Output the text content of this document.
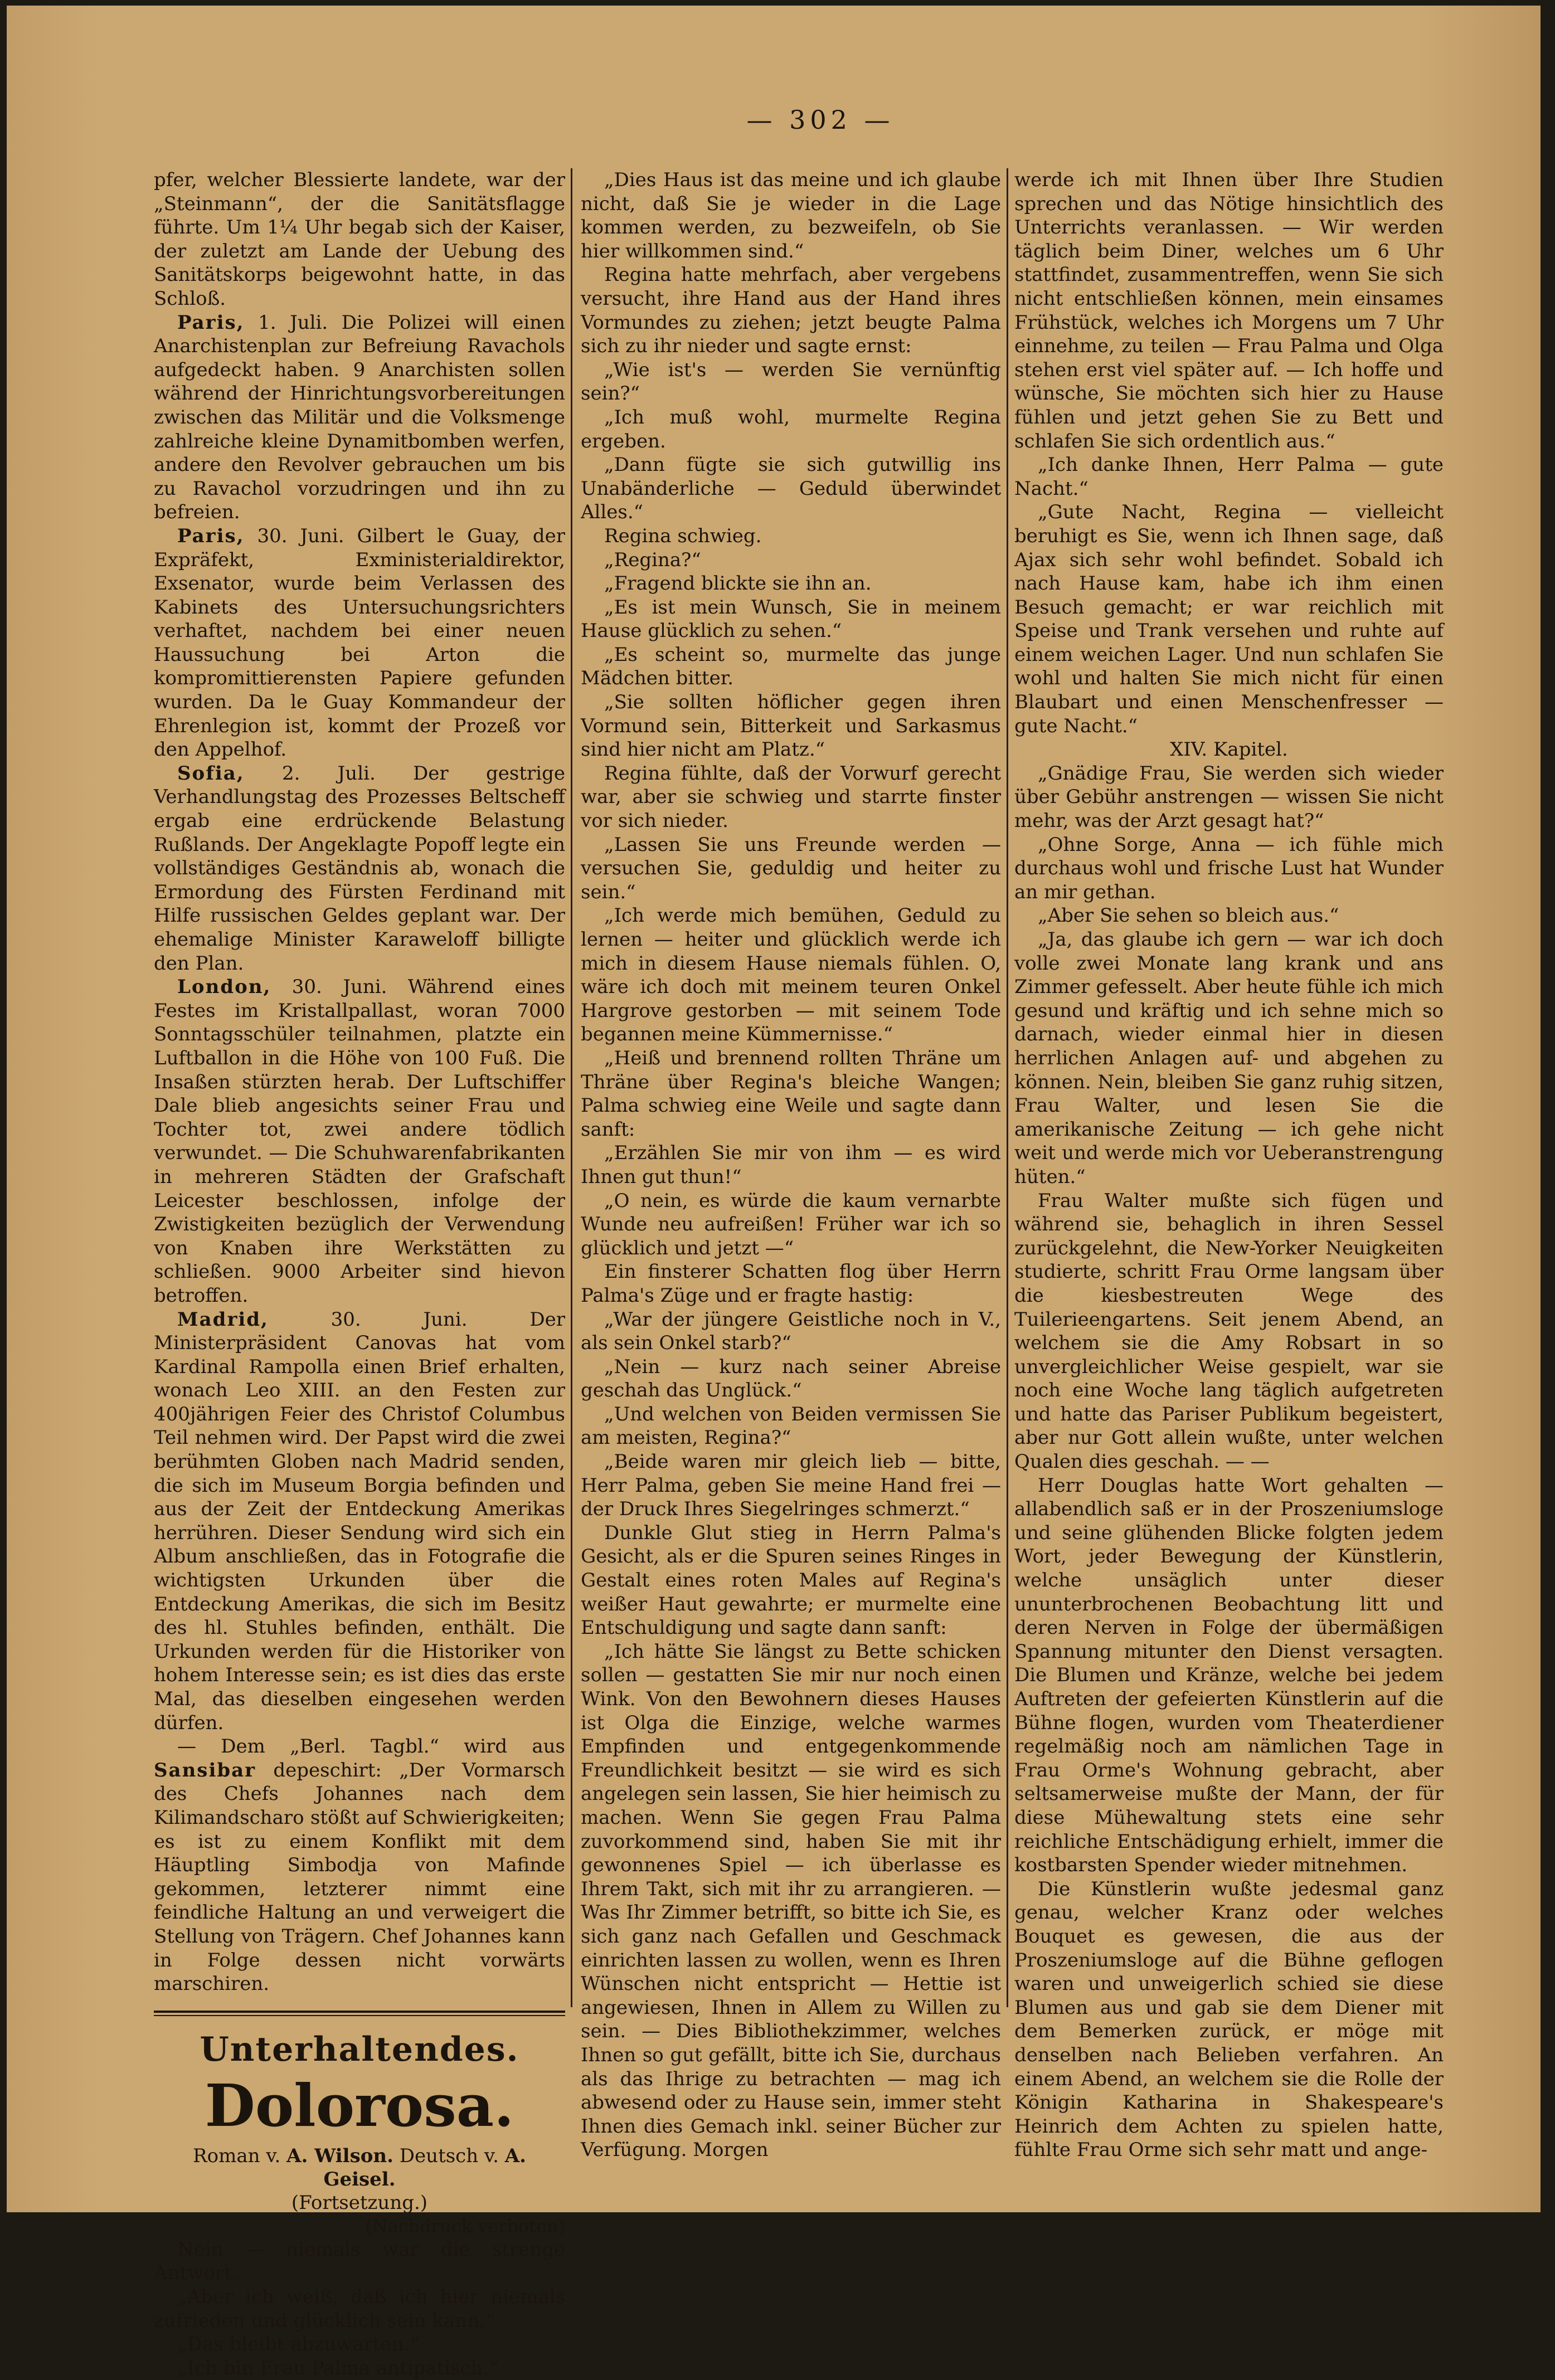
— 302 —

pfer, welcher Blessierte landete, war der „Steinmann“, der die Sanitätsflagge führte. Um 1¼ Uhr begab sich der Kaiser, der zuletzt am Lande der Uebung des Sanitätskorps beigewohnt hatte, in das Schloß.

Paris, 1. Juli. Die Polizei will einen Anarchistenplan zur Befreiung Ravachols aufgedeckt haben. 9 Anarchisten sollen während der Hinrichtungsvorbereitungen zwischen das Militär und die Volksmenge zahlreiche kleine Dynamitbomben werfen, andere den Revolver gebrauchen um bis zu Ravachol vorzudringen und ihn zu befreien.

Paris, 30. Juni. Gilbert le Guay, der Expräfekt, Exministerialdirektor, Exsenator, wurde beim Verlassen des Kabinets des Untersuchungsrichters verhaftet, nachdem bei einer neuen Haussuchung bei Arton die kompromittierensten Papiere gefunden wurden. Da le Guay Kommandeur der Ehrenlegion ist, kommt der Prozeß vor den Appelhof.

Sofia, 2. Juli. Der gestrige Verhandlungstag des Prozesses Beltscheff ergab eine erdrückende Belastung Rußlands. Der Angeklagte Popoff legte ein vollständiges Geständnis ab, wonach die Ermordung des Fürsten Ferdinand mit Hilfe russischen Geldes geplant war. Der ehemalige Minister Karaweloff billigte den Plan.

London, 30. Juni. Während eines Festes im Kristallpallast, woran 7000 Sonntagsschüler teilnahmen, platzte ein Luftballon in die Höhe von 100 Fuß. Die Insaßen stürzten herab. Der Luftschiffer Dale blieb angesichts seiner Frau und Tochter tot, zwei andere tödlich verwundet. — Die Schuhwarenfabrikanten in mehreren Städten der Grafschaft Leicester beschlossen, infolge der Zwistigkeiten bezüglich der Verwendung von Knaben ihre Werkstätten zu schließen. 9000 Arbeiter sind hievon betroffen.

Madrid,	30. Juni. Der Ministerpräsident Canovas hat vom Kardinal Rampolla einen Brief erhalten, wonach Leo XIII. an den Festen zur 400jährigen Feier des Christof Columbus Teil nehmen wird. Der Papst wird die zwei berühmten Globen nach Madrid senden, die sich im Museum Borgia befinden und aus der Zeit der Entdeckung Amerikas herrühren. Dieser Sendung wird sich ein Album anschließen, das in Fotografie die wichtigsten Urkunden über die Entdeckung Amerikas, die sich im Besitz des hl. Stuhles befinden, enthält. Die Urkunden werden für die Historiker von hohem Interesse sein; es ist dies das erste Mal, das dieselben eingesehen werden dürfen.

— Dem „Berl. Tagbl.“ wird aus Sansibar depeschirt: „Der Vormarsch des Chefs Johannes nach dem Kilimandscharo stößt auf Schwierigkeiten; es ist zu einem Konflikt mit dem Häuptling Simbodja von Mafinde gekommen, letzterer nimmt eine feindliche Haltung an und verweigert die Stellung von Trägern. Chef Johannes kann in Folge dessen nicht vorwärts marschiren.

Unterhaltendes.
Dolorosa.
Roman v. A. Wilson. Deutsch v. A. Geisel.
(Fortsetzung.)
(Nachdruck verboten)

Nein — niemals war die strenge Antwort.

„Aber ich weiß, daß ich hier niemals zufrieden und glücklich sein kann.“

„Das bleibt abzuwarten.“

„Ich bin Frau Palma antipatisch.“

„Dies Haus ist das meine und ich glaube nicht, daß Sie je wieder in die Lage kommen werden, zu bezweifeln, ob Sie hier willkommen sind.“

Regina hatte mehrfach, aber vergebens versucht, ihre Hand aus der Hand ihres Vormundes zu ziehen; jetzt beugte Palma sich zu ihr nieder und sagte ernst:

„Wie ist's — werden Sie vernünftig sein?“

„Ich muß wohl, murmelte Regina ergeben.

„Dann fügte sie sich gutwillig ins Unabänderliche — Geduld überwindet Alles.“

Regina schwieg.

„Regina?“

„Fragend blickte sie ihn an.

„Es ist mein Wunsch, Sie in meinem Hause glücklich zu sehen.“

„Es scheint so, murmelte das junge Mädchen bitter.

„Sie sollten höflicher gegen ihren Vormund sein, Bitterkeit und Sarkasmus sind hier nicht am Platz.“

Regina fühlte, daß der Vorwurf gerecht war, aber sie schwieg und starrte finster vor sich nieder.

„Lassen Sie uns Freunde werden — versuchen Sie, geduldig und heiter zu sein.“

„Ich werde mich bemühen, Geduld zu lernen — heiter und glücklich werde ich mich in diesem Hause niemals fühlen. O, wäre ich doch mit meinem teuren Onkel Hargrove gestorben — mit seinem Tode begannen meine Kümmernisse.“

„Heiß und brennend rollten Thräne um Thräne über Regina's bleiche Wangen; Palma schwieg eine Weile und sagte dann sanft:

„Erzählen Sie mir von ihm — es wird Ihnen gut thun!“

„O nein, es würde die kaum vernarbte Wunde neu aufreißen! Früher war ich so glücklich und jetzt —“

Ein finsterer Schatten flog über Herrn Palma's Züge und er fragte hastig:

„War der jüngere Geistliche noch in V., als sein Onkel starb?“

„Nein — kurz nach seiner Abreise geschah das Unglück.“

„Und welchen von Beiden vermissen Sie am meisten, Regina?“

„Beide waren mir gleich lieb — bitte, Herr Palma, geben Sie meine Hand frei — der Druck Ihres Siegelringes schmerzt.“

Dunkle Glut stieg in Herrn Palma's Gesicht, als er die Spuren seines Ringes in Gestalt eines roten Males auf Regina's weißer Haut gewahrte; er murmelte eine Entschuldigung und sagte dann sanft:

„Ich hätte Sie längst zu Bette schicken sollen — gestatten Sie mir nur noch einen Wink. Von den Bewohnern dieses Hauses ist Olga die Einzige, welche warmes Empfinden und entgegenkommende Freundlichkeit besitzt — sie wird es sich angelegen sein lassen, Sie hier heimisch zu machen. Wenn Sie gegen Frau Palma zuvorkommend sind, haben Sie mit ihr gewonnenes Spiel — ich überlasse es Ihrem Takt, sich mit ihr zu arrangieren. — Was Ihr Zimmer betrifft, so bitte ich Sie, es sich ganz nach Gefallen und Geschmack einrichten lassen zu wollen, wenn es Ihren Wünschen nicht entspricht — Hettie ist angewiesen, Ihnen in Allem zu Willen zu sein. — Dies Bibliothekzimmer, welches Ihnen so gut gefällt, bitte ich Sie, durchaus als das Ihrige zu betrachten — mag ich abwesend oder zu Hause sein, immer steht Ihnen dies Gemach inkl. seiner Bücher zur Verfügung. Morgen

werde ich mit Ihnen über Ihre Studien sprechen und das Nötige hinsichtlich des Unterrichts veranlassen. — Wir werden täglich beim Diner, welches um 6 Uhr stattfindet, zusammentreffen, wenn Sie sich nicht entschließen können, mein einsames Frühstück, welches ich Morgens um 7 Uhr einnehme, zu teilen — Frau Palma und Olga stehen erst viel später auf. — Ich hoffe und wünsche, Sie möchten sich hier zu Hause fühlen und jetzt gehen Sie zu Bett und schlafen Sie sich ordentlich aus.“

„Ich danke Ihnen, Herr Palma — gute Nacht.“

„Gute Nacht, Regina — vielleicht beruhigt es Sie, wenn ich Ihnen sage, daß Ajax sich sehr wohl befindet. Sobald ich nach Hause kam, habe ich ihm einen Besuch gemacht; er war reichlich mit Speise und Trank versehen und ruhte auf einem weichen Lager. Und nun schlafen Sie wohl und halten Sie mich nicht für einen Blaubart und einen Menschenfresser — gute Nacht.“

XIV. Kapitel.

„Gnädige Frau, Sie werden sich wieder über Gebühr anstrengen — wissen Sie nicht mehr, was der Arzt gesagt hat?“

„Ohne Sorge, Anna — ich fühle mich durchaus wohl und frische Lust hat Wunder an mir gethan.

„Aber Sie sehen so bleich aus.“

„Ja, das glaube ich gern — war ich doch volle zwei Monate lang krank und ans Zimmer gefesselt. Aber heute fühle ich mich gesund und kräftig und ich sehne mich so darnach, wieder einmal hier in diesen herrlichen Anlagen auf- und abgehen zu können. Nein, bleiben Sie ganz ruhig sitzen, Frau Walter, und lesen Sie die amerikanische Zeitung — ich gehe nicht weit und werde mich vor Ueberanstrengung hüten.“

Frau Walter mußte sich fügen und während sie, behaglich in ihren Sessel zurückgelehnt, die New-Yorker Neuigkeiten studierte, schritt Frau Orme langsam über die kiesbestreuten Wege des Tuilerieengartens. Seit jenem Abend, an welchem sie die Amy Robsart in so unvergleichlicher Weise gespielt, war sie noch eine Woche lang täglich aufgetreten und hatte das Pariser Publikum begeistert, aber nur Gott allein wußte, unter welchen Qualen dies geschah. — —

Herr Douglas hatte Wort gehalten — allabendlich saß er in der Proszeniumsloge und seine glühenden Blicke folgten jedem Wort, jeder Bewegung der Künstlerin, welche unsäglich unter dieser ununterbrochenen Beobachtung litt und deren Nerven in Folge der übermäßigen Spannung mitunter den Dienst versagten. Die Blumen und Kränze, welche bei jedem Auftreten der gefeierten Künstlerin auf die Bühne flogen, wurden vom Theaterdiener regelmäßig noch am nämlichen Tage in Frau Orme's Wohnung gebracht, aber seltsamerweise mußte der Mann, der für diese Mühewaltung stets eine sehr reichliche Entschädigung erhielt, immer die kostbarsten Spender wieder mitnehmen.

Die Künstlerin wußte jedesmal ganz genau, welcher Kranz oder welches Bouquet es gewesen, die aus der Proszeniumsloge auf die Bühne geflogen waren und unweigerlich schied sie diese Blumen aus und gab sie dem Diener mit dem Bemerken zurück, er möge mit denselben nach Belieben verfahren. An einem Abend, an welchem sie die Rolle der Königin Katharina in Shakespeare's Heinrich dem Achten zu spielen hatte, fühlte Frau Orme sich sehr matt und ange-
